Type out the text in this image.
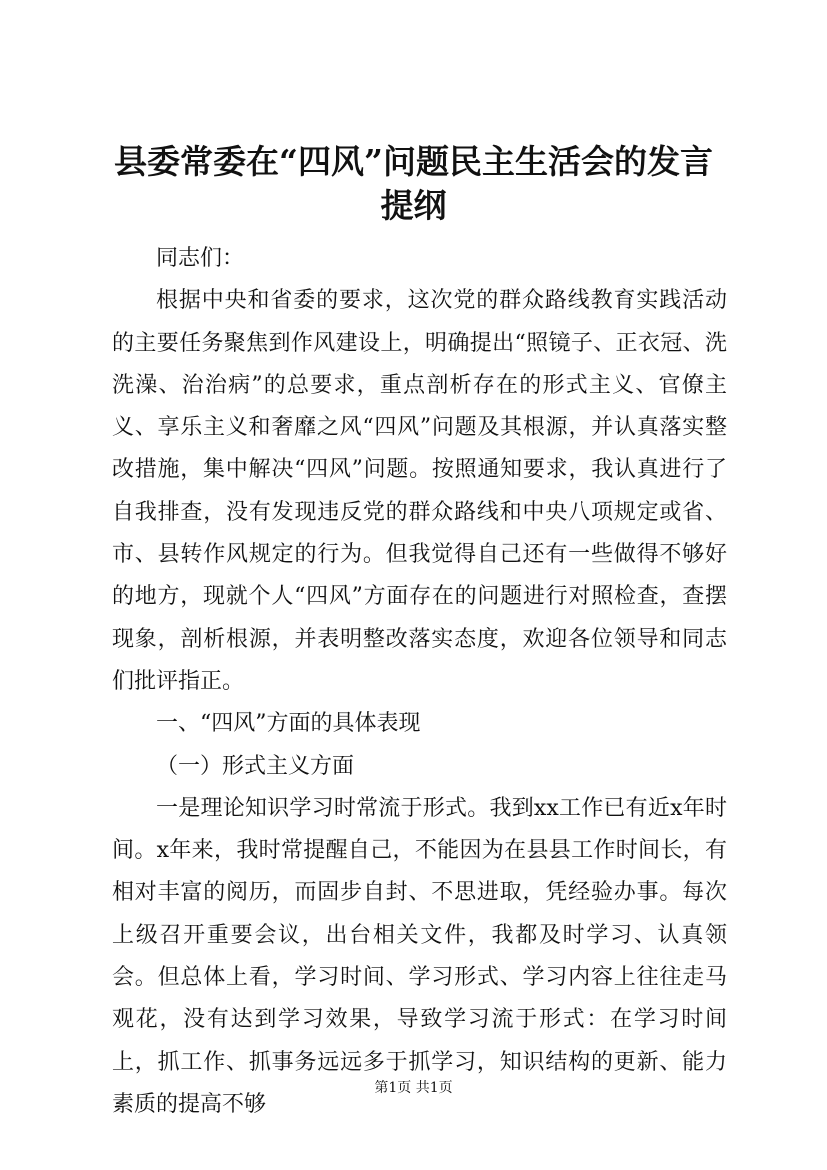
县委常委在“四风”问题民主生活会的发言提纲

同志们：

根据中央和省委的要求，这次党的群众路线教育实践活动的主要任务聚焦到作风建设上，明确提出“照镜子、正衣冠、洗洗澡、治治病”的总要求，重点剖析存在的形式主义、官僚主义、享乐主义和奢靡之风“四风”问题及其根源，并认真落实整改措施，集中解决“四风”问题。按照通知要求，我认真进行了自我排查，没有发现违反党的群众路线和中央八项规定或省、市、县转作风规定的行为。但我觉得自己还有一些做得不够好的地方，现就个人“四风”方面存在的问题进行对照检查，查摆现象，剖析根源，并表明整改落实态度，欢迎各位领导和同志们批评指正。

一、“四风”方面的具体表现

（一）形式主义方面

一是理论知识学习时常流于形式。我到xx工作已有近x年时间。x年来，我时常提醒自己，不能因为在县县工作时间长，有相对丰富的阅历，而固步自封、不思进取，凭经验办事。每次上级召开重要会议，出台相关文件，我都及时学习、认真领会。但总体上看，学习时间、学习形式、学习内容上往往走马观花，没有达到学习效果，导致学习流于形式：在学习时间上，抓工作、抓事务远远多于抓学习，知识结构的更新、能力素质的提高不够

第1页 共1页
